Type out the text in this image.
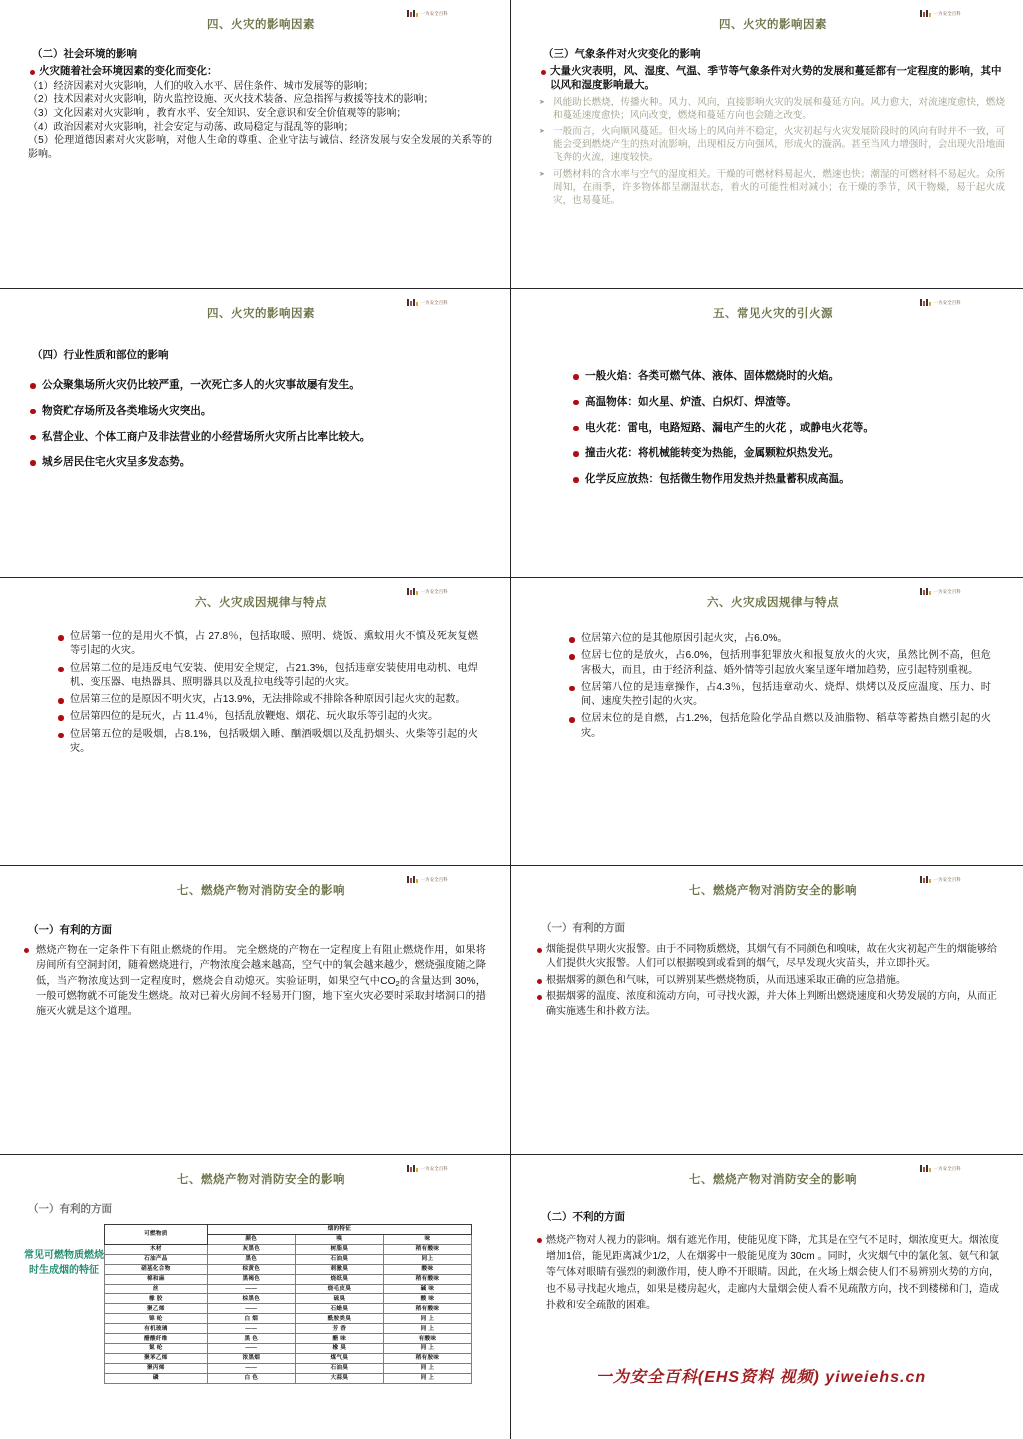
一为安全百科
四、火灾的影响因素
（二）社会环境的影响
火灾随着社会环境因素的变化而变化：

（1）经济因素对火灾影响，人们的收入水平、居住条件、城市发展等的影响；

（2）技术因素对火灾影响，防火监控设施、灭火技术装备、应急指挥与救援等技术的影响；

（3）文化因素对火灾影响 ，教育水平、安全知识、安全意识和安全价值观等的影响；

（4）政治因素对火灾影响，社会安定与动荡、政局稳定与混乱等的影响；

（5）伦理道德因素对火灾影响，对他人生命的尊重、企业守法与诚信、经济发展与安全发展的关系等的影响。

一为安全百科
四、火灾的影响因素
（三）气象条件对火灾变化的影响
大量火灾表明，风、湿度、气温、季节等气象条件对火势的发展和蔓延都有一定程度的影响，其中以风和湿度影响最大。
➤ 风能助长燃烧，传播火种。风力、风向，直接影响火灾的发展和蔓延方向。风力愈大，对流速度愈快，燃烧和蔓延速度愈快；风向改变，燃烧和蔓延方向也会随之改变。
➤ 一般而言，火向顺风蔓延。但火场上的风向并不稳定，火灾初起与火灾发展阶段时的风向有时并不一致，可能会受到燃烧产生的热对流影响，出现相反方向强风，形成火的漩涡。甚至当风力增强时，会出现火沿地面飞奔的火流，速度较快。
➤ 可燃材料的含水率与空气的湿度相关。干燥的可燃材料易起火，燃速也快；潮湿的可燃材料不易起火。众所周知，在雨季，许多物体都呈潮湿状态，着火的可能性相对减小；在干燥的季节，风干物燥，易于起火成灾，也易蔓延。
一为安全百科
四、火灾的影响因素
（四）行业性质和部位的影响
公众聚集场所火灾仍比较严重，一次死亡多人的火灾事故屡有发生。
物资贮存场所及各类堆场火灾突出。
私营企业、个体工商户及非法营业的小经营场所火灾所占比率比较大。
城乡居民住宅火灾呈多发态势。
一为安全百科
五、常见火灾的引火源
一般火焰：各类可燃气体、液体、固体燃烧时的火焰。
高温物体：如火星、炉渣、白炽灯、焊渣等。
电火花：雷电，电路短路、漏电产生的火花 ，或静电火花等。
撞击火花：将机械能转变为热能，金属颗粒炽热发光。
化学反应放热：包括微生物作用发热并热量蓄积成高温。
一为安全百科
六、火灾成因规律与特点
位居第一位的是用火不慎，占 27.8％，包括取暖、照明、烧饭、熏蚊用火不慎及死灰复燃等引起的火灾。
位居第二位的是违反电气安装、使用安全规定，占21.3%，包括违章安装使用电动机、电焊机、变压器、电热器具、照明器具以及乱拉电线等引起的火灾。
位居第三位的是原因不明火灾，占13.9%，无法排除或不排除各种原因引起火灾的起数。
位居第四位的是玩火，占 11.4％，包括乱放鞭炮、烟花、玩火取乐等引起的火灾。
位居第五位的是吸烟，占8.1%，包括吸烟入睡、酗酒吸烟以及乱扔烟头、火柴等引起的火灾。
一为安全百科
六、火灾成因规律与特点
位居第六位的是其他原因引起火灾，占6.0%。
位居七位的是放火，占6.0%，包括刑事犯罪放火和报复放火的火灾，虽然比例不高，但危害极大，而且，由于经济利益、婚外情等引起放火案呈逐年增加趋势，应引起特别重视。
位居第八位的是违章操作，占4.3％，包括违章动火、烧焊、烘烤以及反应温度、压力、时间、速度失控引起的火灾。
位居末位的是自燃，占1.2%，包括危险化学品自燃以及油脂物、稻草等蓄热自燃引起的火灾。
一为安全百科
七、燃烧产物对消防安全的影响
（一）有利的方面
燃烧产物在一定条件下有阻止燃烧的作用。 完全燃烧的产物在一定程度上有阻止燃烧作用，如果将房间所有空洞封闭，随着燃烧进行，产物浓度会越来越高，空气中的氧会越来越少，燃烧强度随之降低，当产物浓度达到一定程度时，燃烧会自动熄灭。实验证明，如果空气中$CO_2$的含量达到 30%，一般可燃物就不可能发生燃烧。故对已着火房间不轻易开门窗，地下室火灾必要时采取封堵洞口的措施灭火就是这个道理。
一为安全百科
七、燃烧产物对消防安全的影响
（一）有利的方面
烟能提供早期火灾报警。由于不同物质燃烧，其烟气有不同颜色和嗅味，故在火灾初起产生的烟能够给人们提供火灾报警。人们可以根据嗅到或看到的烟气，尽早发现火灾苗头，并立即扑灭。
根据烟雾的颜色和气味，可以辨别某些燃烧物质，从而迅速采取正确的应急措施。
根据烟雾的温度、浓度和流动方向，可寻找火源，并大体上判断出燃烧速度和火势发展的方向，从而正确实施逃生和扑救方法。
一为安全百科
七、燃烧产物对消防安全的影响
（一）有利的方面
常见可燃物质燃烧时生成烟的特征
可燃物质	烟的特征		
	颜色	嗅	味
木材	灰黑色	树脂臭	稍有酸味
石油产品	黑色	石油臭	同上
硝基化合物	棕黄色	刺激臭	酸味
棉和麻	黑褐色	烧纸臭	稍有酸味
丝	——	烧毛皮臭	碱 味
橡 胶	棕黑色	硫臭	酸 味
聚乙烯	——	石蜡臭	稍有酸味
锦 纶	白 烟	酰胺类臭	同 上
有机玻璃	——	芳 香	同 上
醋酸纤维	黑 色	醋 味	有酸味
氯 纶	——	橡 臭	同 上
聚苯乙烯	浓黑烟	煤气臭	稍有胺味
聚丙烯	——	石油臭	同 上
磷	白 色	大蒜臭	同 上
一为安全百科
七、燃烧产物对消防安全的影响
（二）不利的方面
燃烧产物对人视力的影响。烟有遮光作用，使能见度下降，尤其是在空气不足时，烟浓度更大。烟浓度增加1倍，能见距离减少1/2，人在烟雾中一般能见度为 30cm 。同时，火灾烟气中的氯化氢、氨气和氯等气体对眼睛有强烈的刺激作用，使人睁不开眼睛。因此，在火场上烟会使人们不易辨别火势的方向，也不易寻找起火地点，如果是楼房起火，走廊内大量烟会使人看不见疏散方向，找不到楼梯和门，造成扑救和安全疏散的困难。
一为安全百科(EHS资料 视频) yiweiehs.cn
